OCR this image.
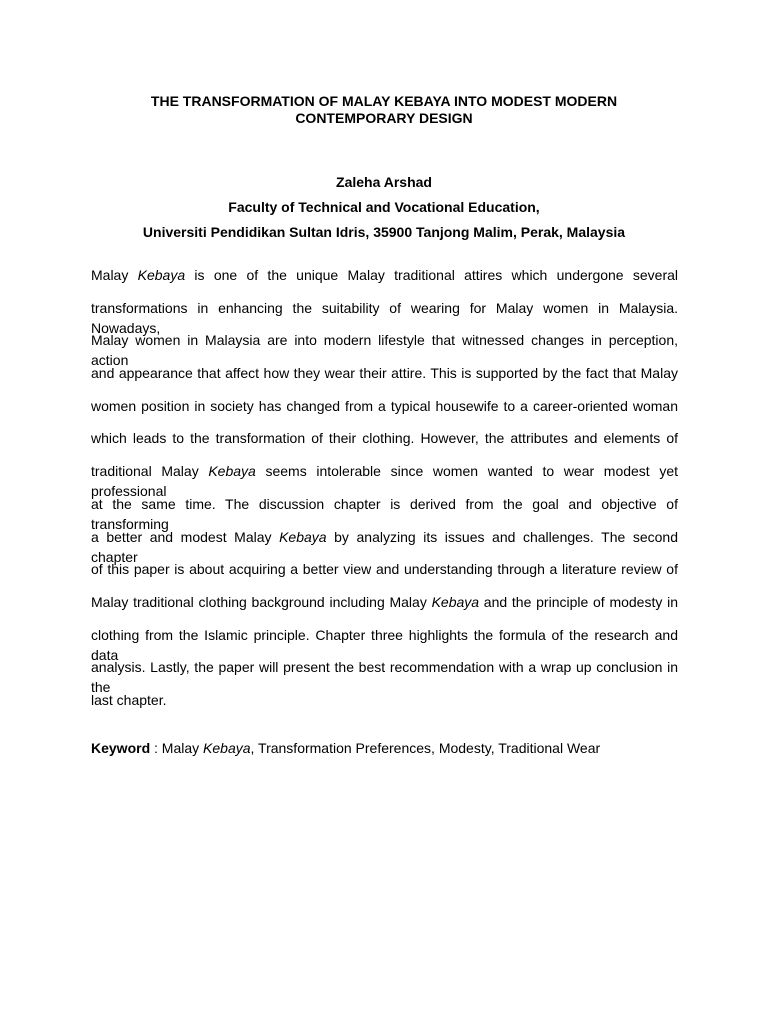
THE TRANSFORMATION OF MALAY KEBAYA INTO MODEST MODERN
CONTEMPORARY DESIGN
Zaleha Arshad
Faculty of Technical and Vocational Education,
Universiti Pendidikan Sultan Idris, 35900 Tanjong Malim, Perak, Malaysia
Malay Kebaya is one of the unique Malay traditional attires which undergone several
transformations in enhancing the suitability of wearing for Malay women in Malaysia. Nowadays,
Malay women in Malaysia are into modern lifestyle that witnessed changes in perception, action
and appearance that affect how they wear their attire. This is supported by the fact that Malay
women position in society has changed from a typical housewife to a career-oriented woman
which leads to the transformation of their clothing. However, the attributes and elements of
traditional Malay Kebaya seems intolerable since women wanted to wear modest yet professional
at the same time. The discussion chapter is derived from the goal and objective of transforming
a better and modest Malay Kebaya by analyzing its issues and challenges. The second chapter
of this paper is about acquiring a better view and understanding through a literature review of
Malay traditional clothing background including Malay Kebaya and the principle of modesty in
clothing from the Islamic principle. Chapter three highlights the formula of the research and data
analysis. Lastly, the paper will present the best recommendation with a wrap up conclusion in the
last chapter.
Keyword : Malay Kebaya, Transformation Preferences, Modesty, Traditional Wear
